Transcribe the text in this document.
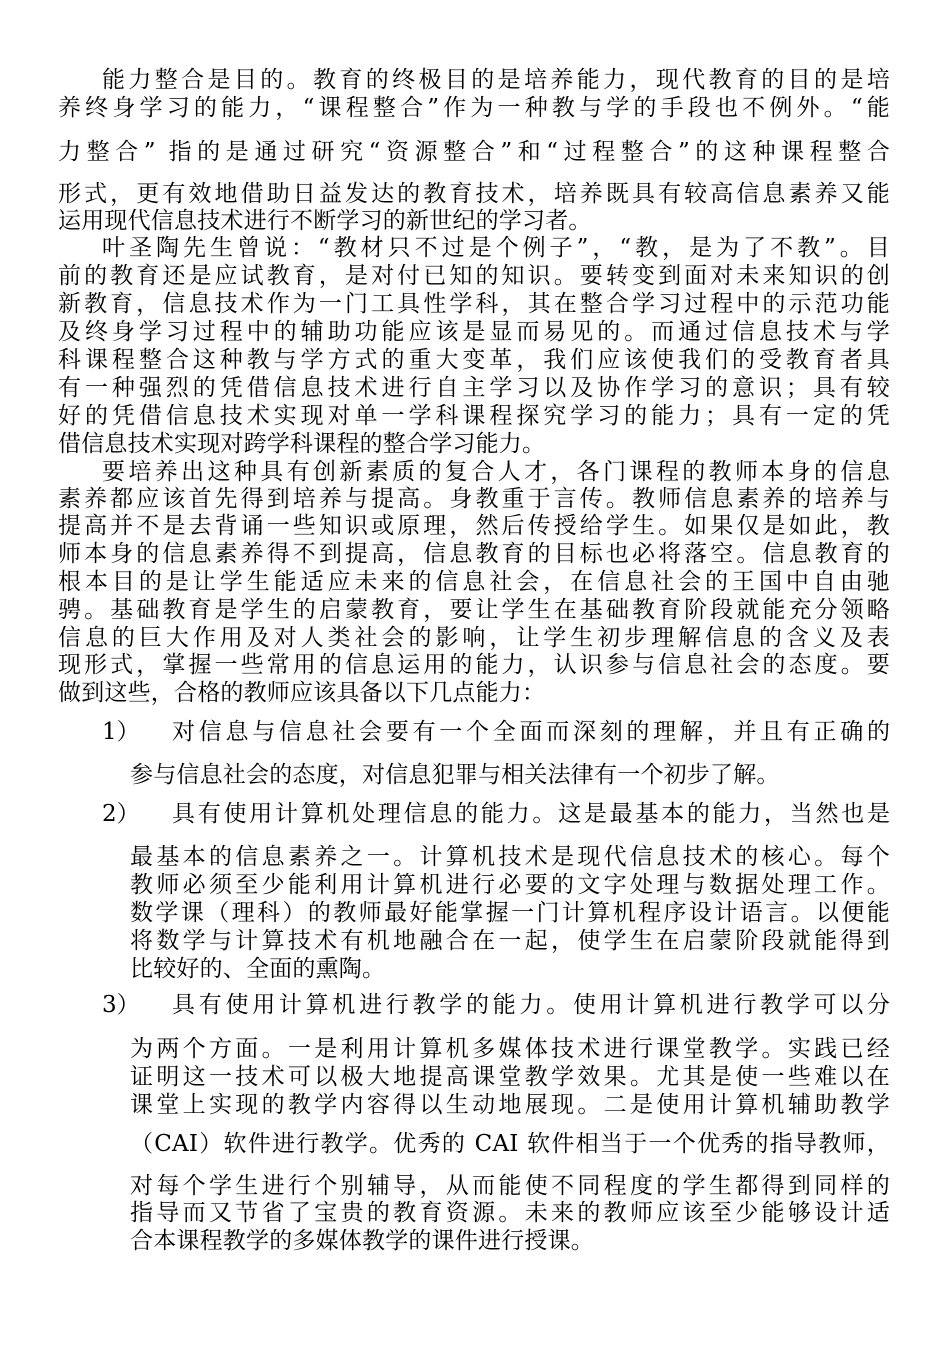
能力整合是目的。教育的终极目的是培养能力，现代教育的目的是培
养终身学习的能力，“课程整合”作为一种教与学的手段也不例外。“能
力整合” 指的是通过研究“资源整合”和“过程整合”的这种课程整合
形式，更有效地借助日益发达的教育技术，培养既具有较高信息素养又能
运用现代信息技术进行不断学习的新世纪的学习者。
叶圣陶先生曾说：“教材只不过是个例子”，“教，是为了不教”。目
前的教育还是应试教育，是对付已知的知识。要转变到面对未来知识的创
新教育，信息技术作为一门工具性学科，其在整合学习过程中的示范功能
及终身学习过程中的辅助功能应该是显而易见的。而通过信息技术与学
科课程整合这种教与学方式的重大变革，我们应该使我们的受教育者具
有一种强烈的凭借信息技术进行自主学习以及协作学习的意识；具有较
好的凭借信息技术实现对单一学科课程探究学习的能力；具有一定的凭
借信息技术实现对跨学科课程的整合学习能力。
要培养出这种具有创新素质的复合人才，各门课程的教师本身的信息
素养都应该首先得到培养与提高。身教重于言传。教师信息素养的培养与
提高并不是去背诵一些知识或原理，然后传授给学生。如果仅是如此，教
师本身的信息素养得不到提高，信息教育的目标也必将落空。信息教育的
根本目的是让学生能适应未来的信息社会，在信息社会的王国中自由驰
骋。基础教育是学生的启蒙教育，要让学生在基础教育阶段就能充分领略
信息的巨大作用及对人类社会的影响，让学生初步理解信息的含义及表
现形式，掌握一些常用的信息运用的能力，认识参与信息社会的态度。要
做到这些，合格的教师应该具备以下几点能力：
1） 对信息与信息社会要有一个全面而深刻的理解，并且有正确的
参与信息社会的态度，对信息犯罪与相关法律有一个初步了解。
2） 具有使用计算机处理信息的能力。这是最基本的能力，当然也是
最基本的信息素养之一。计算机技术是现代信息技术的核心。每个
教师必须至少能利用计算机进行必要的文字处理与数据处理工作。
数学课（理科）的教师最好能掌握一门计算机程序设计语言。以便能
将数学与计算技术有机地融合在一起，使学生在启蒙阶段就能得到
比较好的、全面的熏陶。
3） 具有使用计算机进行教学的能力。使用计算机进行教学可以分
为两个方面。一是利用计算机多媒体技术进行课堂教学。实践已经
证明这一技术可以极大地提高课堂教学效果。尤其是使一些难以在
课堂上实现的教学内容得以生动地展现。二是使用计算机辅助教学
（CAI）软件进行教学。优秀的 CAI 软件相当于一个优秀的指导教师，
对每个学生进行个别辅导，从而能使不同程度的学生都得到同样的
指导而又节省了宝贵的教育资源。未来的教师应该至少能够设计适
合本课程教学的多媒体教学的课件进行授课。
